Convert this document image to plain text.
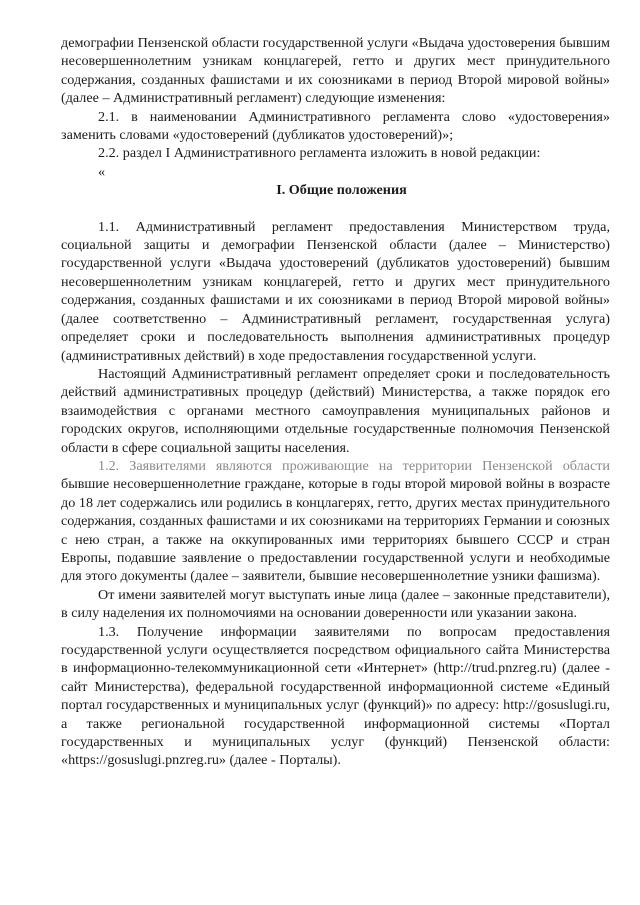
демографии Пензенской области государственной услуги «Выдача удостоверения бывшим несовершеннолетним узникам концлагерей, гетто и других мест принудительного содержания, созданных фашистами и их союзниками в период Второй мировой войны» (далее – Административный регламент) следующие изменения:

2.1. в наименовании Административного регламента слово «удостоверения» заменить словами «удостоверений (дубликатов удостоверений)»;

2.2. раздел I Административного регламента изложить в новой редакции:

«

I. Общие положения

1.1. Административный регламент предоставления Министерством труда, социальной защиты и демографии Пензенской области (далее – Министерство) государственной услуги «Выдача удостоверений (дубликатов удостоверений) бывшим несовершеннолетним узникам концлагерей, гетто и других мест принудительного содержания, созданных фашистами и их союзниками в период Второй мировой войны» (далее соответственно – Административный регламент, государственная услуга) определяет сроки и последовательность выполнения административных процедур (административных действий) в ходе предоставления государственной услуги.

Настоящий Административный регламент определяет сроки и последовательность действий административных процедур (действий) Министерства, а также порядок его взаимодействия с органами местного самоуправления муниципальных районов и городских округов, исполняющими отдельные государственные полномочия Пензенской области в сфере социальной защиты населения.

1.2. Заявителями являются проживающие на территории Пензенской области бывшие несовершеннолетние граждане, которые в годы второй мировой войны в возрасте до 18 лет содержались или родились в концлагерях, гетто, других местах принудительного содержания, созданных фашистами и их союзниками на территориях Германии и союзных с нею стран, а также на оккупированных ими территориях бывшего СССР и стран Европы, подавшие заявление о предоставлении государственной услуги и необходимые для этого документы (далее – заявители, бывшие несовершеннолетние узники фашизма).

От имени заявителей могут выступать иные лица (далее – законные представители), в силу наделения их полномочиями на основании доверенности или указании закона.

1.3. Получение информации заявителями по вопросам предоставления государственной услуги осуществляется посредством официального сайта Министерства в информационно-телекоммуникационной сети «Интернет» (http://trud.pnzreg.ru) (далее - сайт Министерства), федеральной государственной информационной системе «Единый портал государственных и муниципальных услуг (функций)» по адресу: http://gosuslugi.ru, а также региональной государственной информационной системы «Портал государственных и муниципальных услуг (функций) Пензенской области: «https://gosuslugi.pnzreg.ru» (далее - Порталы).
